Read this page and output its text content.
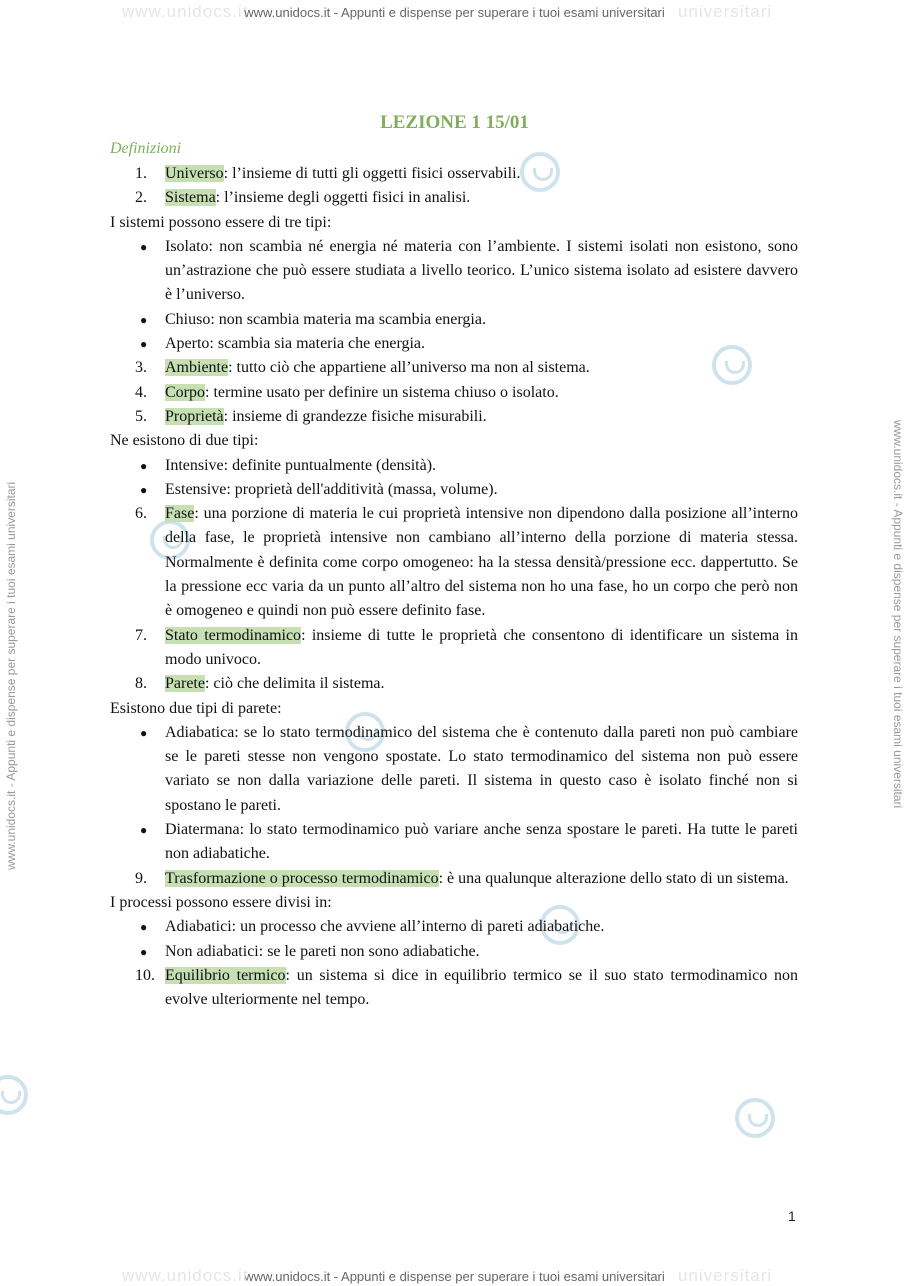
www.unidocs.it	universitari
www.unidocs.it - Appunti e dispense per superare i tuoi esami universitari
www.unidocs.it - Appunti e dispense per superare i tuoi esami universitari	www.unidocs.it - Appunti e dispense per superare i tuoi esami universitari
LEZIONE 1 15/01
Definizioni
1. Universo: l’insieme di tutti gli oggetti fisici osservabili.
2. Sistema: l’insieme degli oggetti fisici in analisi.
I sistemi possono essere di tre tipi:
● Isolato: non scambia né energia né materia con l’ambiente. I sistemi isolati non esistono, sono un’astrazione che può essere studiata a livello teorico. L’unico sistema isolato ad esistere davvero è l’universo.
● Chiuso: non scambia materia ma scambia energia.
● Aperto: scambia sia materia che energia.
3. Ambiente: tutto ciò che appartiene all’universo ma non al sistema.
4. Corpo: termine usato per definire un sistema chiuso o isolato.
5. Proprietà: insieme di grandezze fisiche misurabili.
Ne esistono di due tipi:
● Intensive: definite puntualmente (densità).
● Estensive: proprietà dell'additività (massa, volume).
6. Fase: una porzione di materia le cui proprietà intensive non dipendono dalla posizione all’interno della fase, le proprietà intensive non cambiano all’interno della porzione di materia stessa. Normalmente è definita come corpo omogeneo: ha la stessa densità/pressione ecc. dappertutto. Se la pressione ecc varia da un punto all’altro del sistema non ho una fase, ho un corpo che però non è omogeneo e quindi non può essere definito fase.
7. Stato termodinamico: insieme di tutte le proprietà che consentono di identificare un sistema in modo univoco.
8. Parete: ciò che delimita il sistema.
Esistono due tipi di parete:
● Adiabatica: se lo stato termodinamico del sistema che è contenuto dalla pareti non può cambiare se le pareti stesse non vengono spostate. Lo stato termodinamico del sistema non può essere variato se non dalla variazione delle pareti. Il sistema in questo caso è isolato finché non si spostano le pareti.
● Diatermana: lo stato termodinamico può variare anche senza spostare le pareti. Ha tutte le pareti non adiabatiche.
9. Trasformazione o processo termodinamico: è una qualunque alterazione dello stato di un sistema.
I processi possono essere divisi in:
● Adiabatici: un processo che avviene all’interno di pareti adiabatiche.
● Non adiabatici: se le pareti non sono adiabatiche.
10. Equilibrio termico: un sistema si dice in equilibrio termico se il suo stato termodinamico non evolve ulteriormente nel tempo.
www.unidocs.it - Appunti e dispense per superare i tuoi esami universitari
www.unidocs.it	universitari
1
